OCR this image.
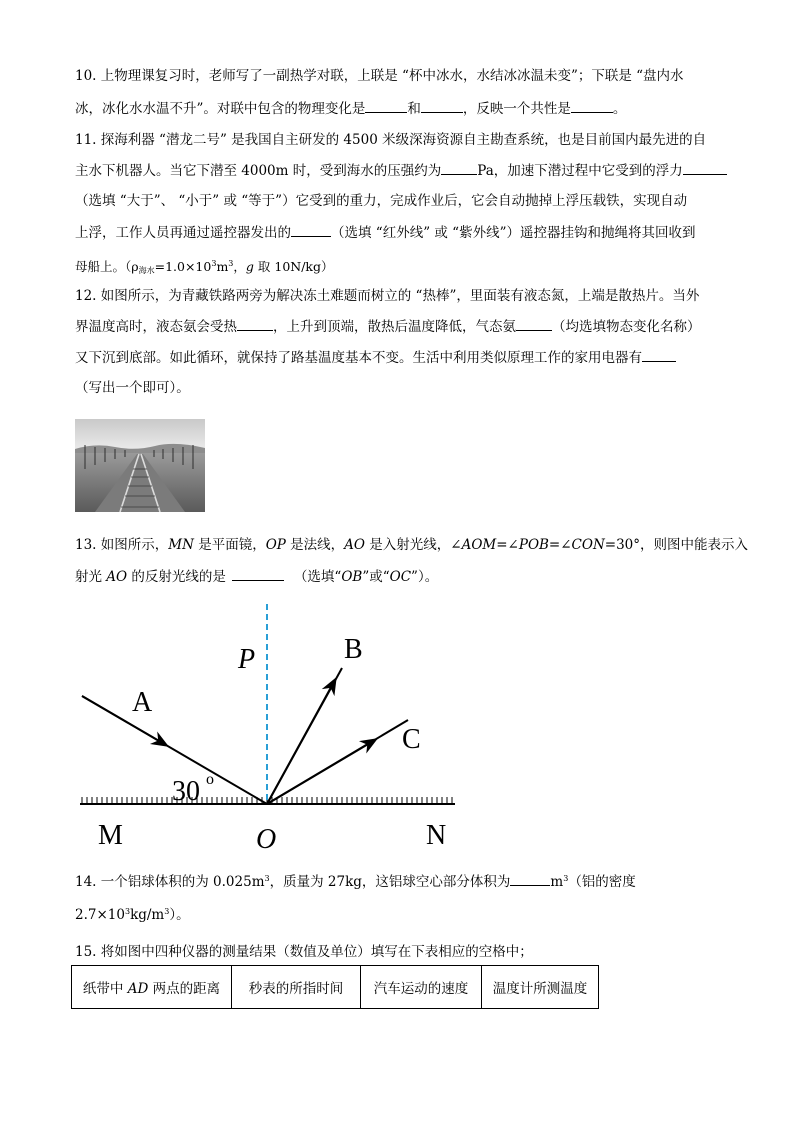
10. 上物理课复习时，老师写了一副热学对联，上联是 “杯中冰水，水结冰冰温未变”；下联是 “盘内水
冰，冰化水水温不升”。对联中包含的物理变化是	和	，反映一个共性是	。
11. 探海利器 “潜龙二号” 是我国自主研发的 4500 米级深海资源自主勘查系统，也是目前国内最先进的自
主水下机器人。当它下潜至 4000m 时，受到海水的压强约为	Pa，加速下潜过程中它受到的浮力
（选填 “大于”、 “小于” 或 “等于”）它受到的重力，完成作业后，它会自动抛掉上浮压载铁，实现自动
上浮，工作人员再通过遥控器发出的	（选填 “红外线” 或 “紫外线”）遥控器挂钩和抛绳将其回收到
母船上。（$\rho_{海水}=1.0\times 10^3m^3$，g 取 10N/kg）
12. 如图所示，为青藏铁路两旁为解决冻土难题而树立的 “热棒”，里面装有液态氮，上端是散热片。当外
界温度高时，液态氨会受热	，上升到顶端，散热后温度降低，气态氨	（均选填物态变化名称）
又下沉到底部。如此循环，就保持了路基温度基本不变。生活中利用类似原理工作的家用电器有
（写出一个即可）。
13. 如图所示，MN 是平面镜，OP 是法线，AO 是入射光线，∠AOM=∠POB=∠CON=30°，则图中能表示入
射光 AO 的反射光线的是	（选填“OB”或“OC”）。
P	B
A
C
30 o
M	O	N
14. 一个铝球体积的为 $0.025m^3$，质量为 27kg，这铝球空心部分体积为	$m^3$（铝的密度
$2.7\times 10^3kg/m^3$）。
15. 将如图中四种仪器的测量结果（数值及单位）填写在下表相应的空格中；
纸带中 AD 两点的距离	秒表的所指时间	汽车运动的速度	温度计所测温度
